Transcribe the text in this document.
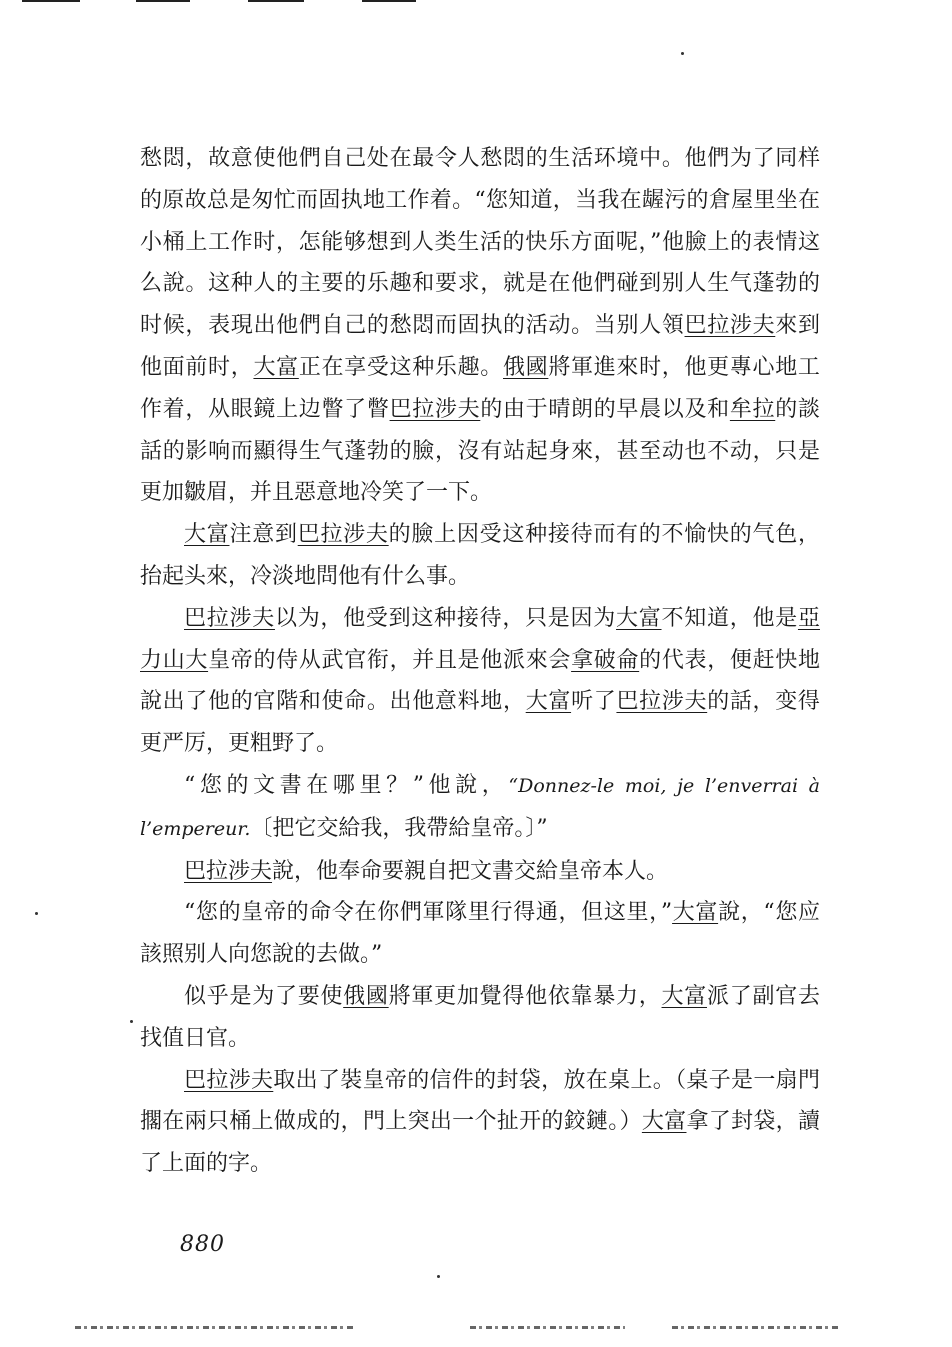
愁悶，故意使他們自己处在最令人愁悶的生活环境中。他們为了同样的原故总是匆忙而固执地工作着。“您知道，当我在龌污的倉屋里坐在小桶上工作时，怎能够想到人类生活的快乐方面呢，”他臉上的表情这么說。这种人的主要的乐趣和要求，就是在他們碰到别人生气蓬勃的时候，表現出他們自己的愁悶而固执的活动。当别人領巴拉涉夫來到他面前时，大富正在享受这种乐趣。俄國將軍進來时，他更專心地工作着，从眼鏡上边瞥了瞥巴拉涉夫的由于晴朗的早晨以及和牟拉的談話的影响而顯得生气蓬勃的臉，沒有站起身來，甚至动也不动，只是更加皺眉，并且惡意地冷笑了一下。

大富注意到巴拉涉夫的臉上因受这种接待而有的不愉快的气色，抬起头來，冷淡地問他有什么事。

巴拉涉夫以为，他受到这种接待，只是因为大富不知道，他是亞力山大皇帝的侍从武官衔，并且是他派來会拿破侖的代表，便赶快地說出了他的官階和使命。出他意料地，大富听了巴拉涉夫的話，变得更严厉，更粗野了。

“您的文書在哪里？”他說，“Donnez-le moi, je l’enverrai à l’empereur.〔把它交給我，我帶給皇帝。〕”

巴拉涉夫說，他奉命要親自把文書交給皇帝本人。

“您的皇帝的命令在你們軍隊里行得通，但这里，”大富說，“您应該照别人向您說的去做。”

似乎是为了要使俄國將軍更加覺得他依靠暴力，大富派了副官去找值日官。

巴拉涉夫取出了裝皇帝的信件的封袋，放在桌上。（桌子是一扇門擱在兩只桶上做成的，門上突出一个扯开的鉸鏈。）大富拿了封袋，讀了上面的字。

880
